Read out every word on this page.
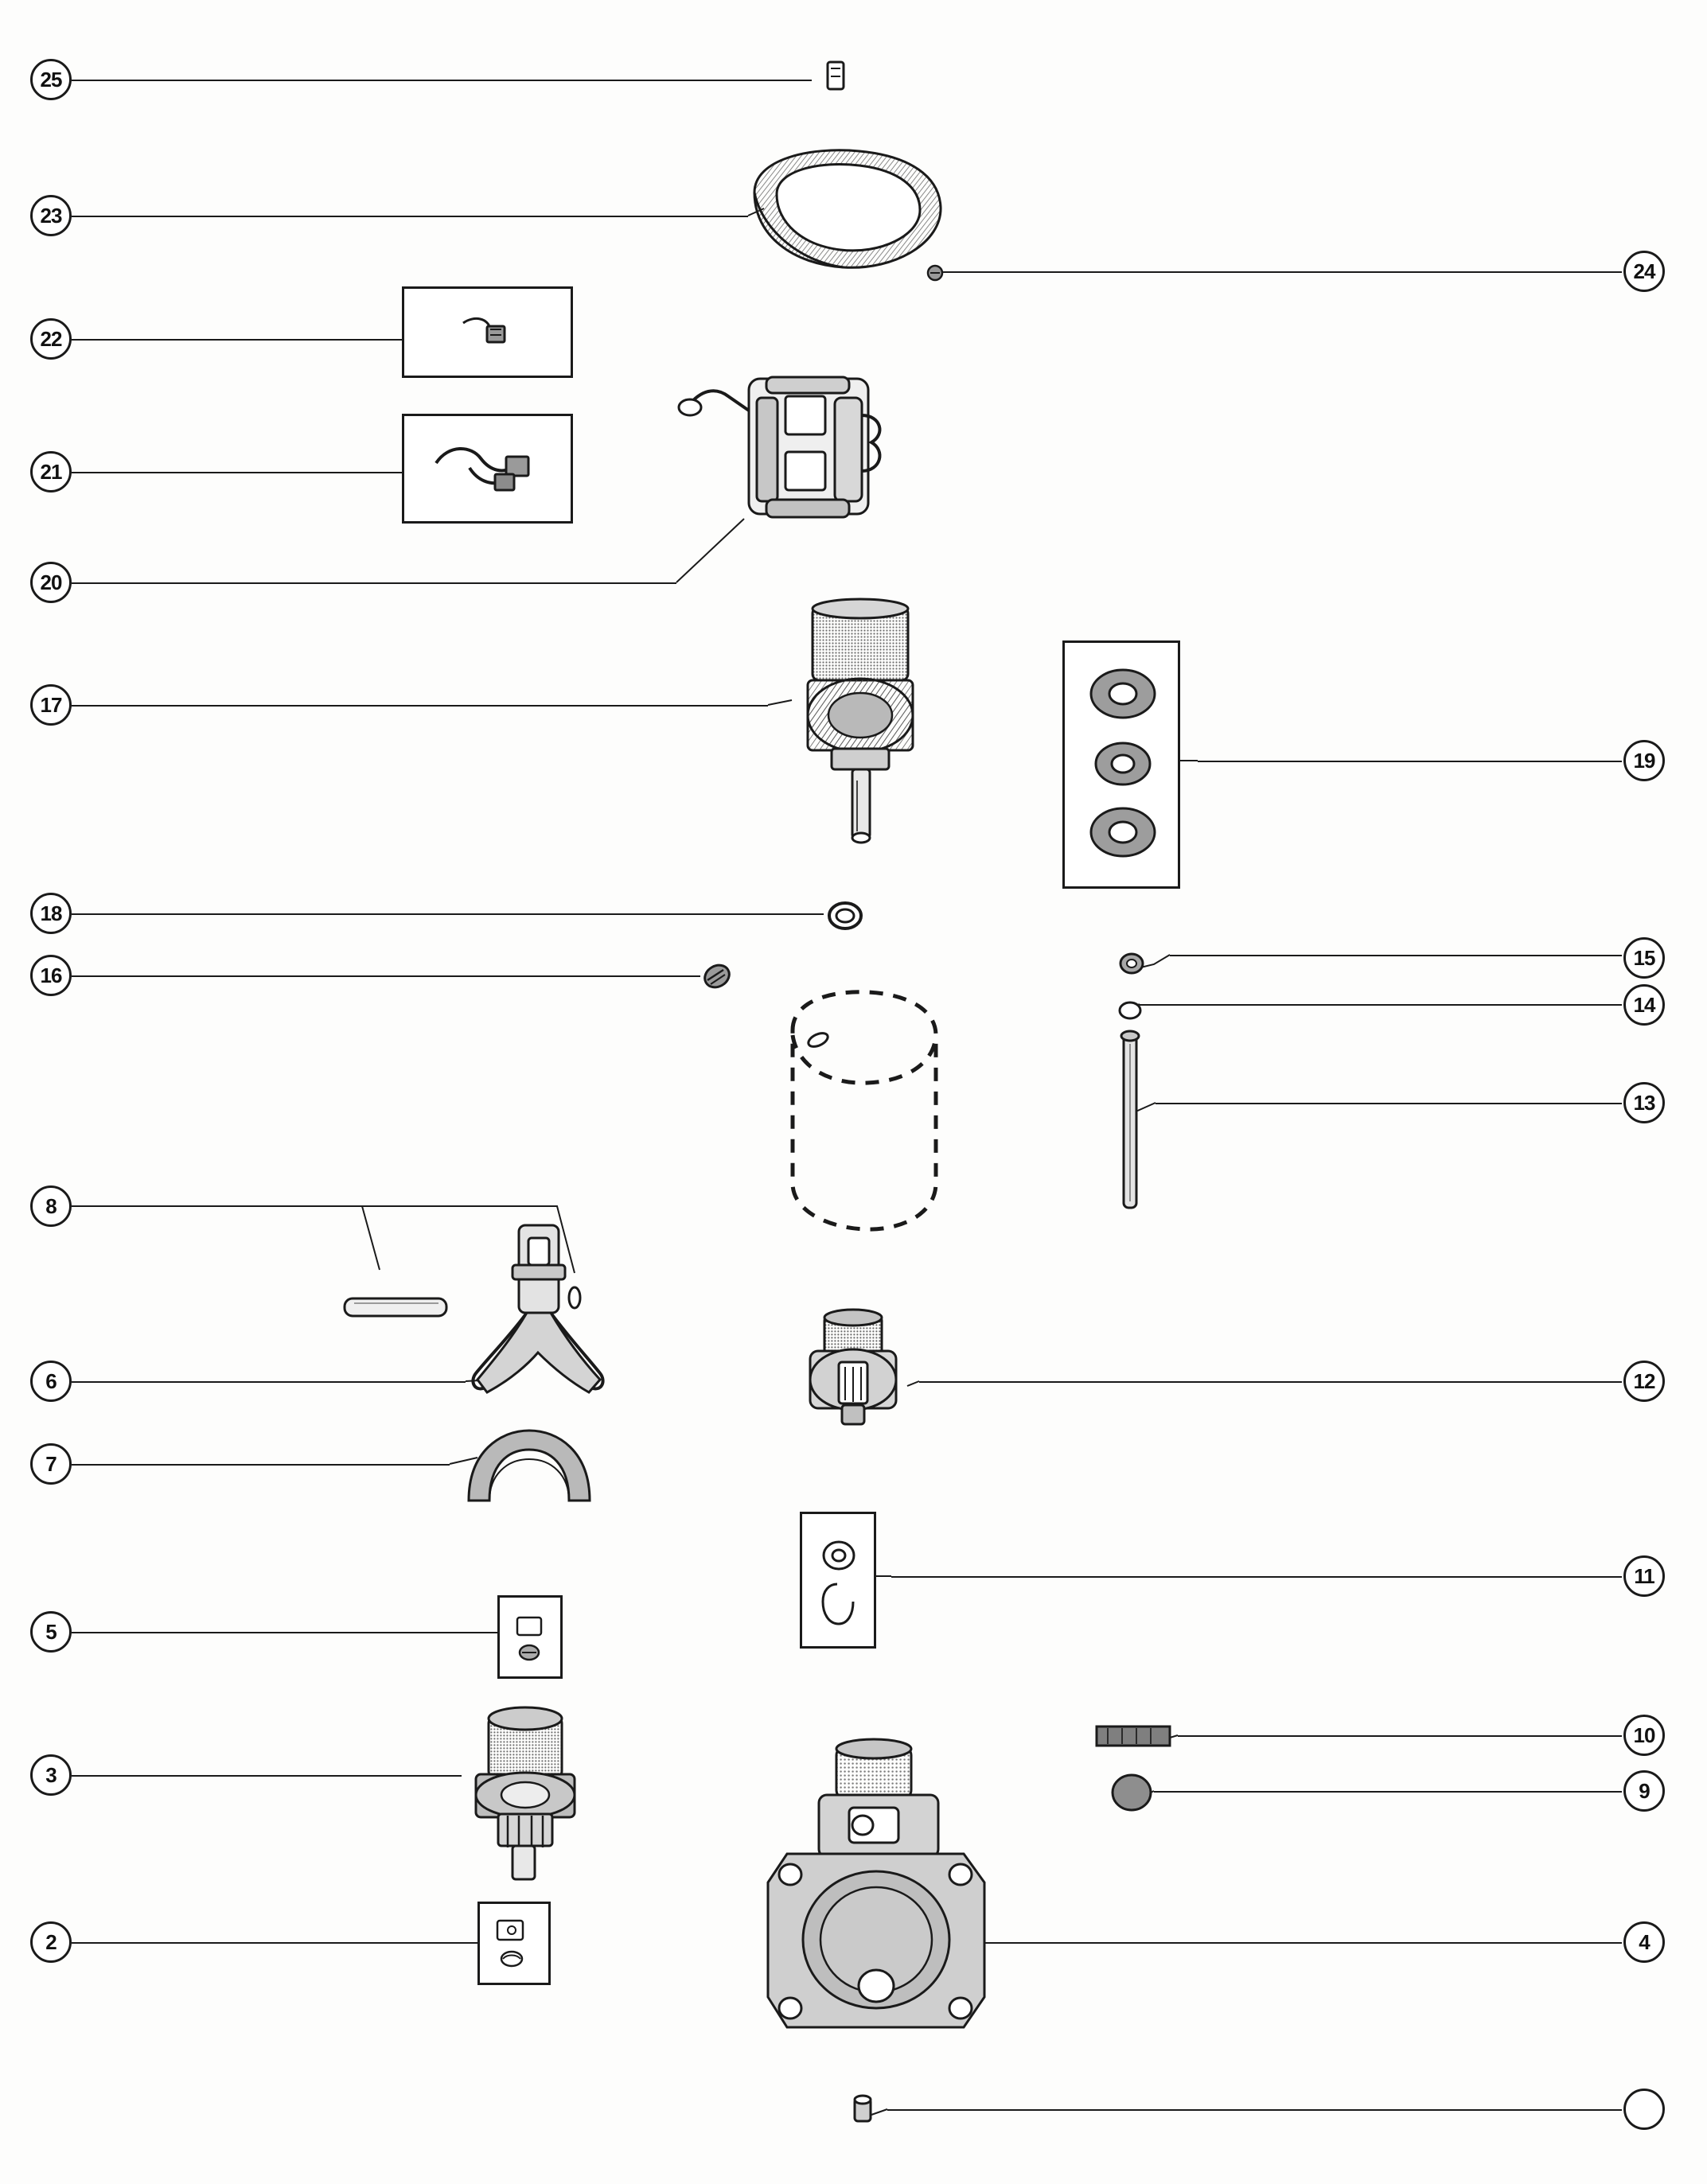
25
23
24
22
21
20
17
19
18
16
15
14
13
8
6	12
7
11
5
10
3
9
4
2
